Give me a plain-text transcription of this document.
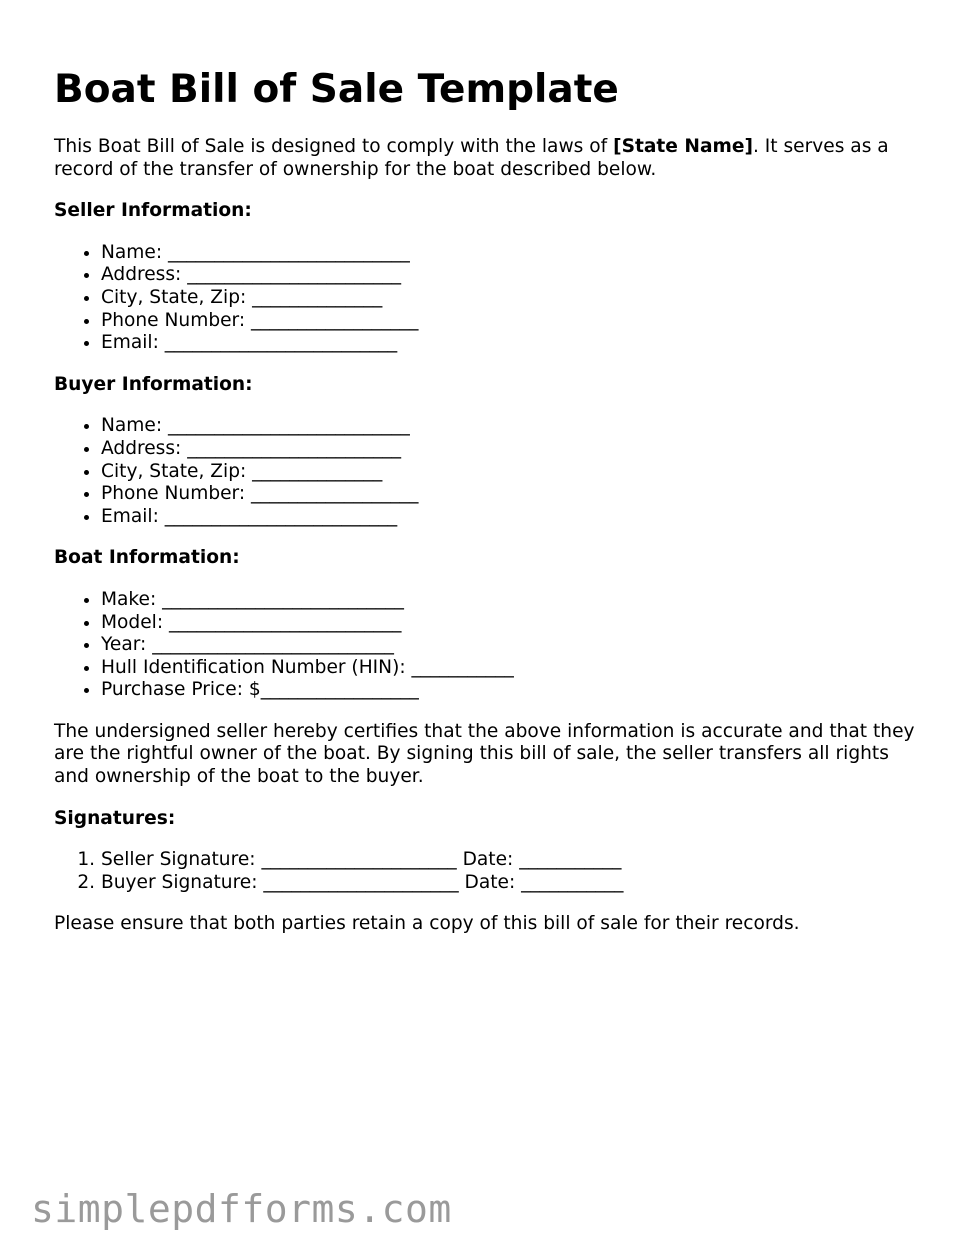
Boat Bill of Sale Template

This Boat Bill of Sale is designed to comply with the laws of [State Name]. It serves as a record of the transfer of ownership for the boat described below.

Seller Information:
• Name: __________________________
• Address: _______________________
• City, State, Zip: ______________
• Phone Number: __________________
• Email: _________________________
Buyer Information:
• Name: __________________________
• Address: _______________________
• City, State, Zip: ______________
• Phone Number: __________________
• Email: _________________________
Boat Information:
• Make: __________________________
• Model: _________________________
• Year: __________________________
• Hull Identification Number (HIN): ___________
• Purchase Price: $_________________

The undersigned seller hereby certifies that the above information is accurate and that they are the rightful owner of the boat. By signing this bill of sale, the seller transfers all rights and ownership of the boat to the buyer.

Signatures:
1. Seller Signature: _____________________ Date: ___________
2. Buyer Signature: _____________________ Date: ___________

Please ensure that both parties retain a copy of this bill of sale for their records.

simplepdfforms.com
